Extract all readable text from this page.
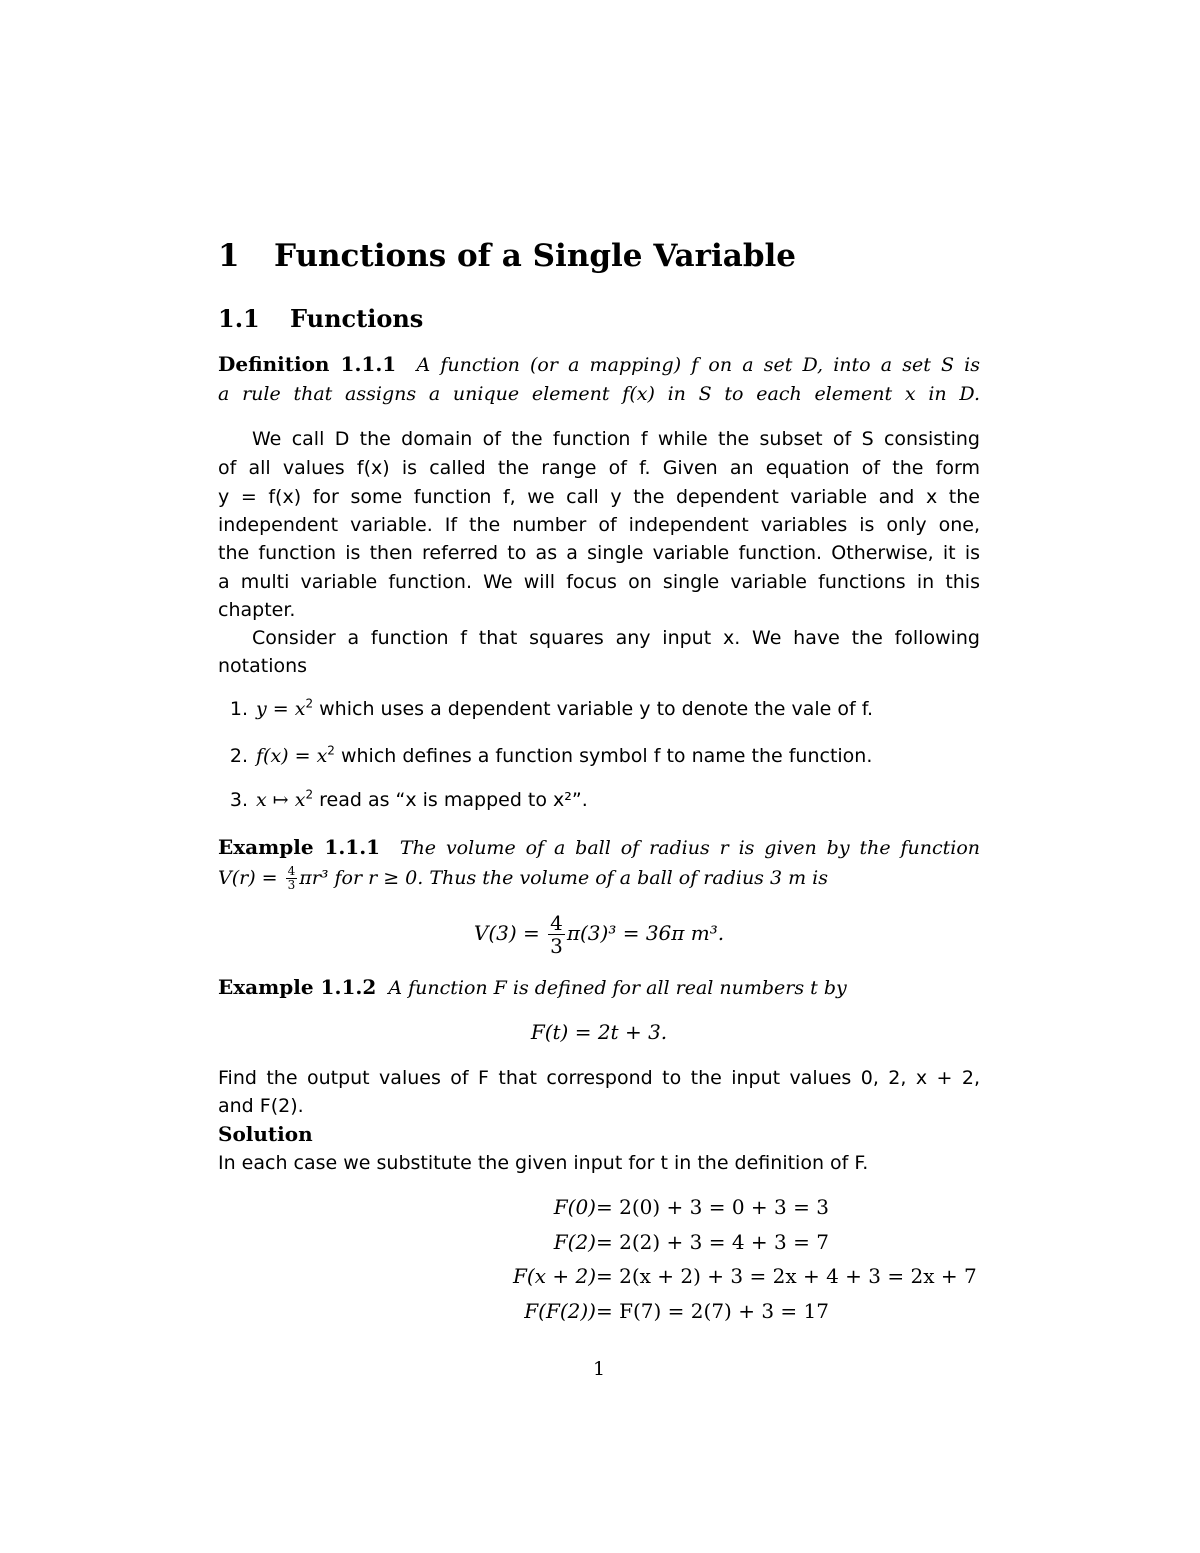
1 Functions of a Single Variable
1.1 Functions
Definition 1.1.1 A function (or a mapping) f on a set D, into a set S is
a rule that assigns a unique element f(x) in S to each element x in D.
We call D the domain of the function f while the subset of S consisting
of all values f(x) is called the range of f. Given an equation of the form
y = f(x) for some function f, we call y the dependent variable and x the
independent variable. If the number of independent variables is only one,
the function is then referred to as a single variable function. Otherwise, it is
a multi variable function. We will focus on single variable functions in this
chapter.
Consider a function f that squares any input x. We have the following
notations
1. $y = x^2$ which uses a dependent variable y to denote the vale of f.
2. $f(x) = x^2$ which defines a function symbol f to name the function.
3. x ↦ $x^2$ read as “x is mapped to x²”.
Example 1.1.1 The volume of a ball of radius r is given by the function
$V(r) = \frac{4}{3} \pi r^3$ for r ≥ 0. Thus the volume of a ball of radius 3 m is
$V(3) = \frac{4}{3} \pi(3)^3 = 36\pi$ m³.
Example 1.1.2 A function F is defined for all real numbers t by
F(t) = 2t + 3.
Find the output values of F that correspond to the input values 0, 2, x + 2,
and F(2).
Solution
In each case we substitute the given input for t in the definition of F.
F(0) = 2(0) + 3 = 0 + 3 = 3
F(2) = 2(2) + 3 = 4 + 3 = 7
F(x + 2) = 2(x + 2) + 3 = 2x + 4 + 3 = 2x + 7
F(F(2)) = F(7) = 2(7) + 3 = 17
1
